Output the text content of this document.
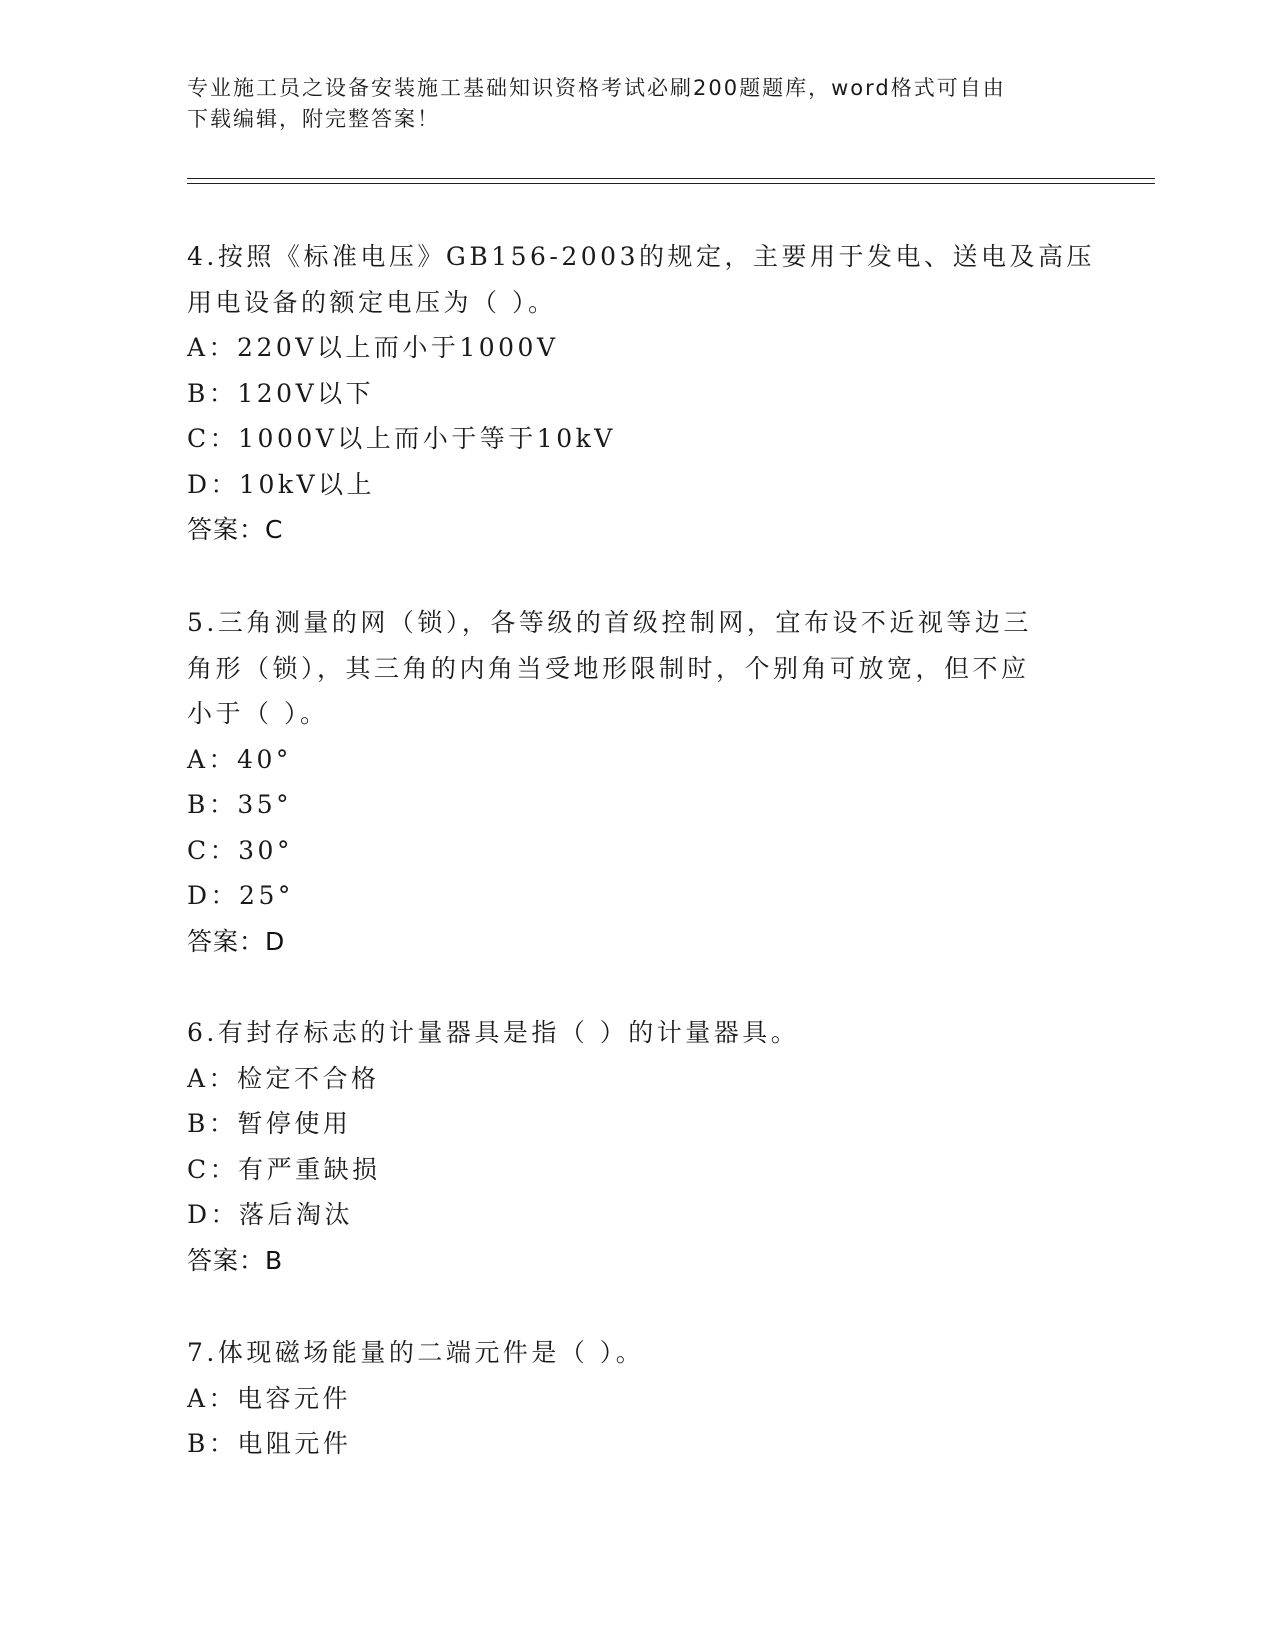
专业施工员之设备安装施工基础知识资格考试必刷200题题库，word格式可自由
下载编辑，附完整答案！
4.按照《标准电压》GB156-2003的规定，主要用于发电、送电及高压
用电设备的额定电压为（ ）。
A：220V以上而小于1000V
B：120V以下
C：1000V以上而小于等于10kV
D：10kV以上
答案：C
5.三角测量的网（锁），各等级的首级控制网，宜布设不近视等边三
角形（锁），其三角的内角当受地形限制时，个别角可放宽，但不应
小于（ ）。
A：40°
B：35°
C：30°
D：25°
答案：D
6.有封存标志的计量器具是指（ ）的计量器具。
A：检定不合格
B：暂停使用
C：有严重缺损
D：落后淘汰
答案：B
7.体现磁场能量的二端元件是（ ）。
A：电容元件
B：电阻元件
